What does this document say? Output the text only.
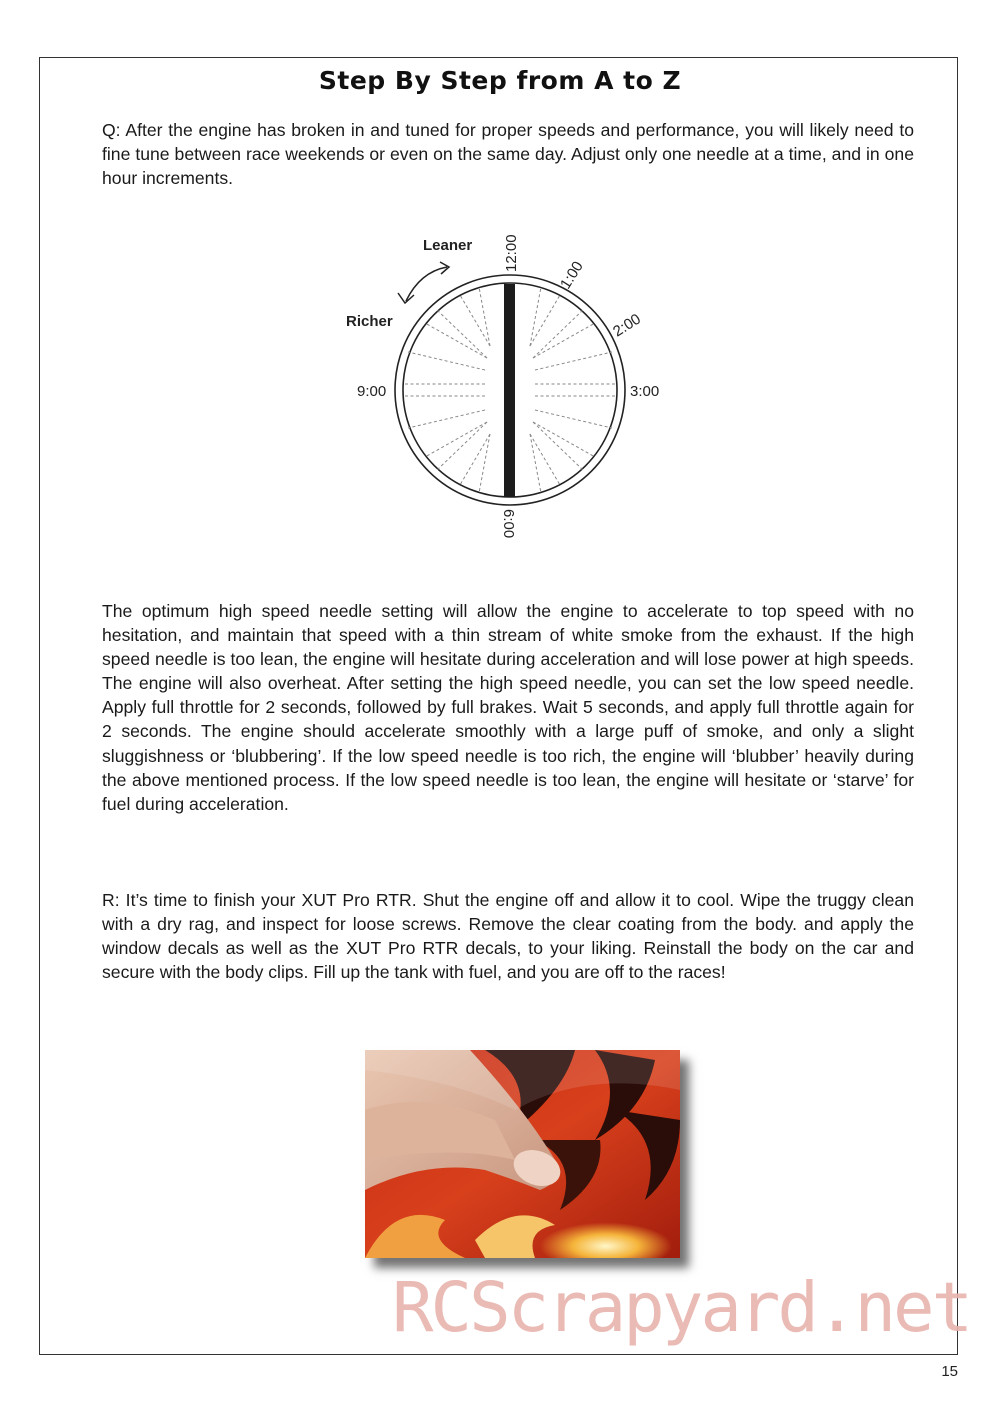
Step By Step from A to Z

Q: After the engine has broken in and tuned for proper speeds and performance, you will likely need to fine tune between race weekends or even on the same day. Adjust only one needle at a time, and in one hour increments.

Leaner
Richer
12:00
1:00
2:00
3:00
6:00
9:00

The optimum high speed needle setting will allow the engine to accelerate to top speed with no hesitation, and maintain that speed with a thin stream of white smoke from the exhaust. If the high speed needle is too lean, the engine will hesitate during acceleration and will lose power at high speeds. The engine will also overheat. After setting the high speed needle, you can set the low speed needle. Apply full throttle for 2 seconds, followed by full brakes. Wait 5 seconds, and apply full throttle again for 2 seconds. The engine should accelerate smoothly with a large puff of smoke, and only a slight sluggishness or ‘blubbering’. If the low speed needle is too rich, the engine will ‘blubber’ heavily during the above mentioned process. If the low speed needle is too lean, the engine will hesitate or ‘starve’ for fuel during acceleration.

R: It’s time to finish your XUT Pro RTR. Shut the engine off and allow it to cool. Wipe the truggy clean with a dry rag, and inspect for loose screws. Remove the clear coating from the body. and apply the window decals as well as the XUT Pro RTR decals, to your liking. Reinstall the body on the car and secure with the body clips. Fill up the tank with fuel, and you are off to the races!

RCScrapyard.net
15
